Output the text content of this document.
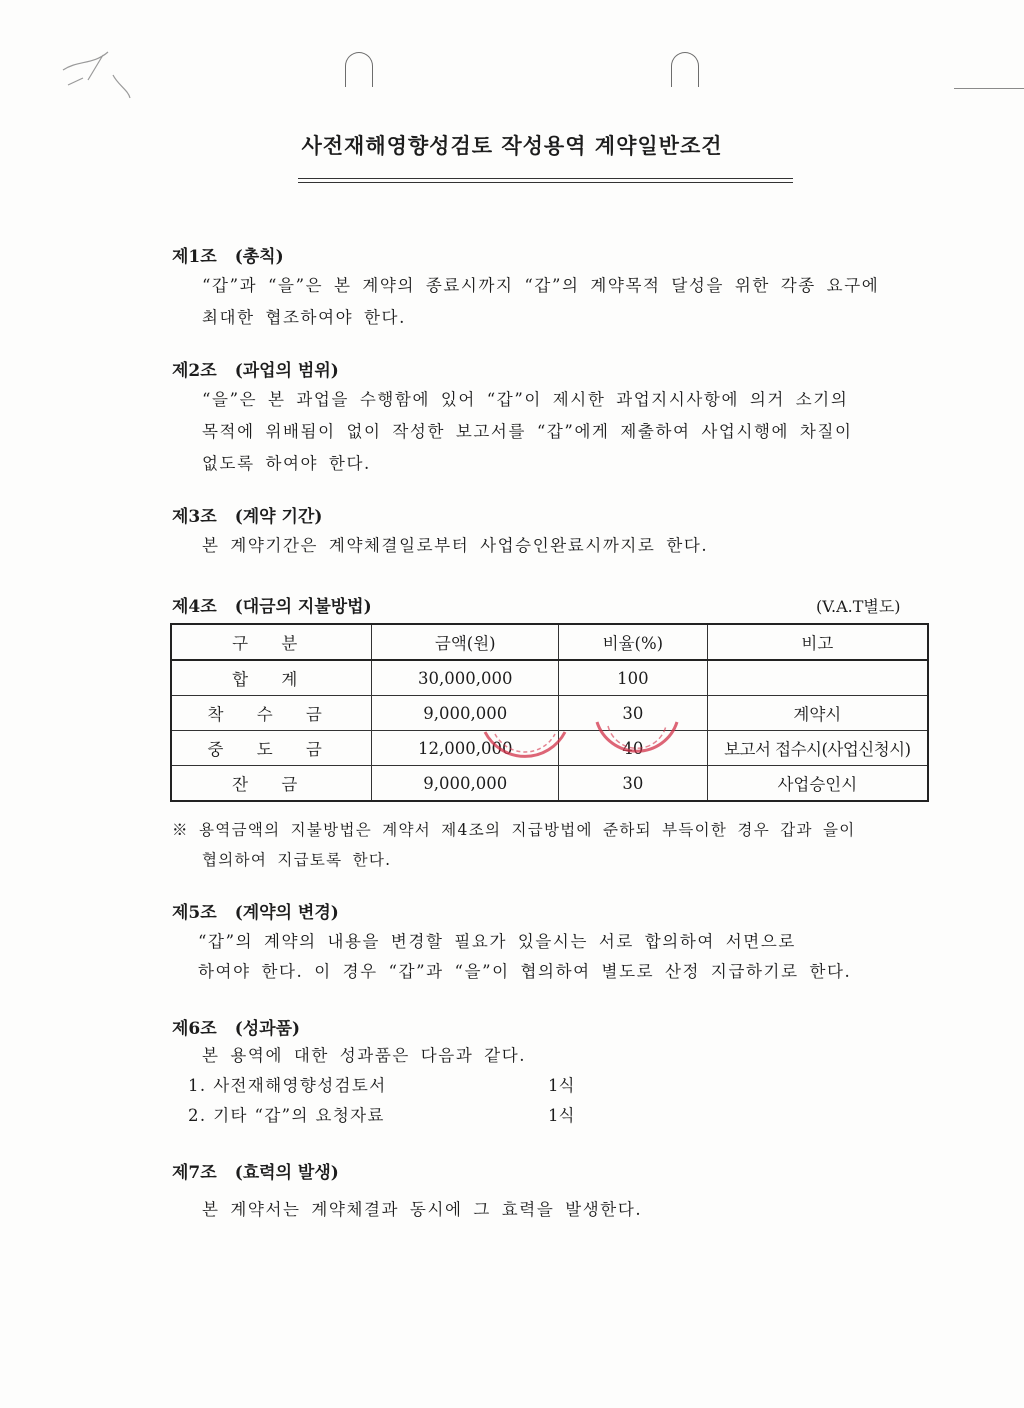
사전재해영향성검토 작성용역 계약일반조건
제1조 (총칙)
“갑”과 “을”은 본 계약의 종료시까지 “갑”의 계약목적 달성을 위한 각종 요구에
최대한 협조하여야 한다.
제2조 (과업의 범위)
“을”은 본 과업을 수행함에 있어 “갑”이 제시한 과업지시사항에 의거 소기의
목적에 위배됨이 없이 작성한 보고서를 “갑”에게 제출하여 사업시행에 차질이
없도록 하여야 한다.
제3조 (계약 기간)
본 계약기간은 계약체결일로부터 사업승인완료시까지로 한다.
제4조 (대금의 지불방법)	(V.A.T별도)
구 분	금액(원)	비율(%)	비고
합 계	30,000,000	100	
착 수 금	9,000,000	30	계약시
중 도 금	12,000,000	40	보고서 접수시(사업신청시)
잔 금	9,000,000	30	사업승인시
※ 용역금액의 지불방법은 계약서 제4조의 지급방법에 준하되 부득이한 경우 갑과 을이
협의하여 지급토록 한다.
제5조 (계약의 변경)
“갑”의 계약의 내용을 변경할 필요가 있을시는 서로 합의하여 서면으로
하여야 한다. 이 경우 “갑”과 “을”이 협의하여 별도로 산정 지급하기로 한다.
제6조 (성과품)
본 용역에 대한 성과품은 다음과 같다.
1. 사전재해영향성검토서	1식
2. 기타 “갑”의 요청자료	1식
제7조 (효력의 발생)
본 계약서는 계약체결과 동시에 그 효력을 발생한다.
